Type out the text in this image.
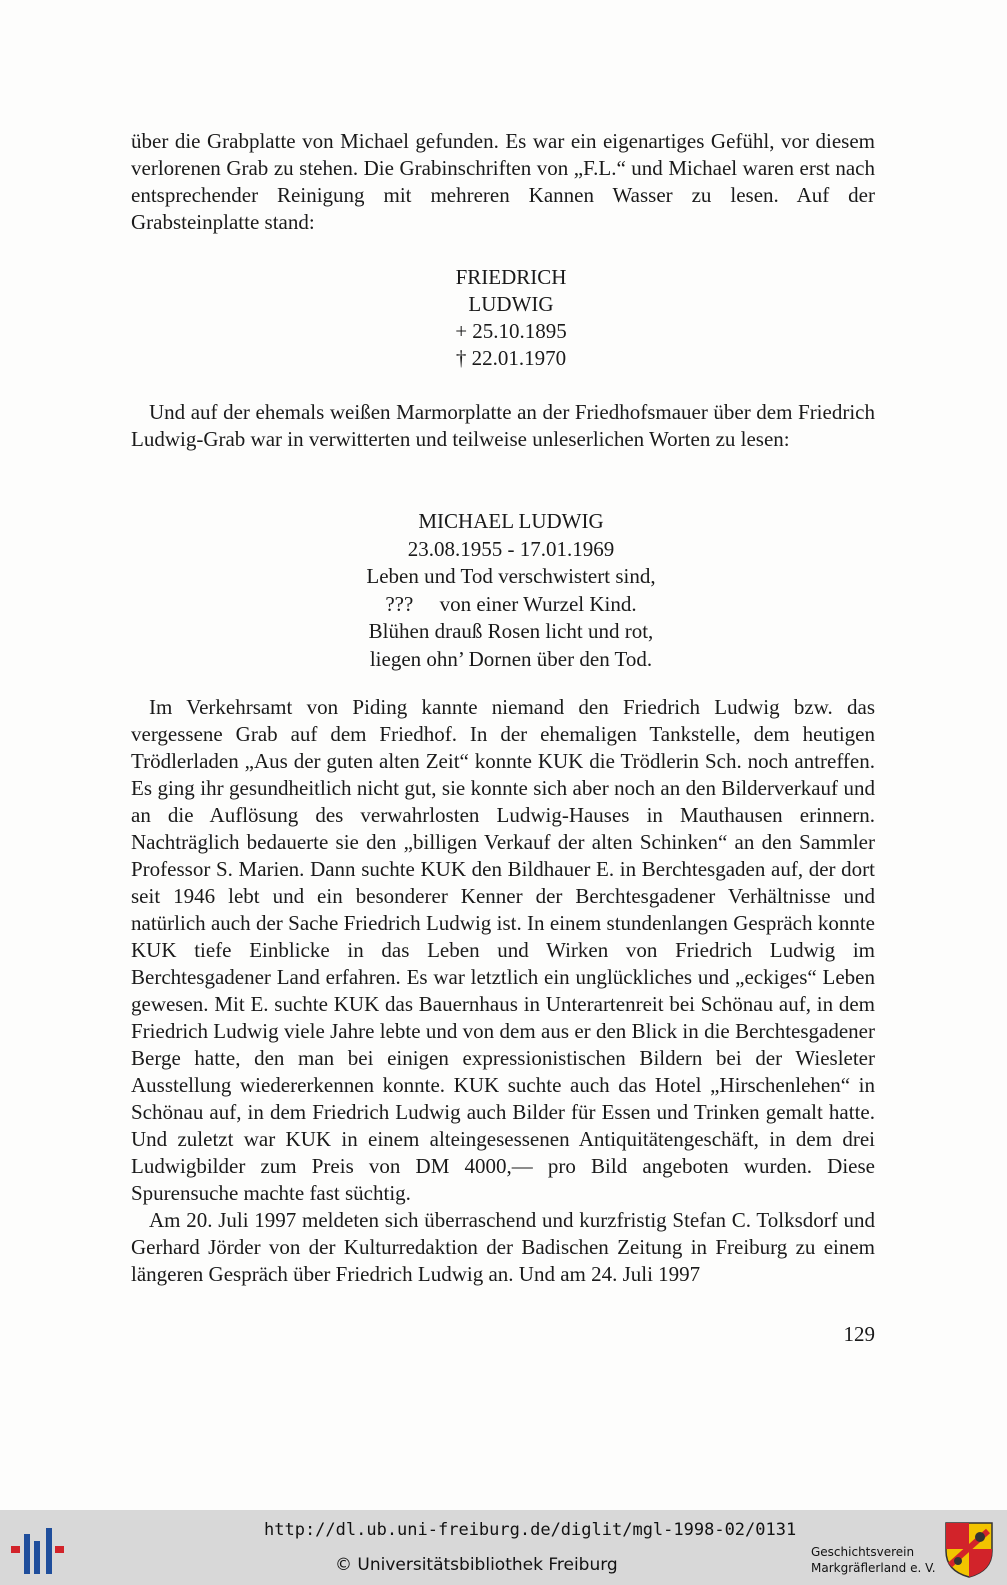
über die Grabplatte von Michael gefunden. Es war ein eigenartiges Gefühl, vor diesem verlorenen Grab zu stehen. Die Grabinschriften von „F.L.“ und Michael waren erst nach entsprechender Reinigung mit mehreren Kannen Wasser zu lesen. Auf der Grabsteinplatte stand:

FRIEDRICH
LUDWIG
+ 25.10.1895
† 22.01.1970

Und auf der ehemals weißen Marmorplatte an der Friedhofsmauer über dem Friedrich Ludwig-Grab war in verwitterten und teilweise unleserlichen Worten zu lesen:

MICHAEL LUDWIG
23.08.1955 - 17.01.1969
Leben und Tod verschwistert sind,
???     von einer Wurzel Kind.
Blühen drauß Rosen licht und rot,
liegen ohn’ Dornen über den Tod.

Im Verkehrsamt von Piding kannte niemand den Friedrich Ludwig bzw. das vergessene Grab auf dem Friedhof. In der ehemaligen Tankstelle, dem heutigen Trödlerladen „Aus der guten alten Zeit“ konnte KUK die Trödlerin Sch. noch antreffen. Es ging ihr gesundheitlich nicht gut, sie konnte sich aber noch an den Bilderverkauf und an die Auflösung des verwahrlosten Ludwig-Hauses in Mauthausen erinnern. Nachträglich bedauerte sie den „billigen Verkauf der alten Schinken“ an den Sammler Professor S. Marien. Dann suchte KUK den Bildhauer E. in Berchtesgaden auf, der dort seit 1946 lebt und ein besonderer Kenner der Berchtesgadener Verhältnisse und natürlich auch der Sache Friedrich Ludwig ist. In einem stundenlangen Gespräch konnte KUK tiefe Einblicke in das Leben und Wirken von Friedrich Ludwig im Berchtesgadener Land erfahren. Es war letztlich ein unglückliches und „eckiges“ Leben gewesen. Mit E. suchte KUK das Bauernhaus in Unterartenreit bei Schönau auf, in dem Friedrich Ludwig viele Jahre lebte und von dem aus er den Blick in die Berchtesgadener Berge hatte, den man bei einigen expressionistischen Bildern bei der Wiesleter Ausstellung wiedererkennen konnte. KUK suchte auch das Hotel „Hirschenlehen“ in Schönau auf, in dem Friedrich Ludwig auch Bilder für Essen und Trinken gemalt hatte. Und zuletzt war KUK in einem alteingesessenen Antiquitätengeschäft, in dem drei Ludwigbilder zum Preis von DM 4000,— pro Bild angeboten wurden. Diese Spurensuche machte fast süchtig.

Am 20. Juli 1997 meldeten sich überraschend und kurzfristig Stefan C. Tolksdorf und Gerhard Jörder von der Kulturredaktion der Badischen Zeitung in Freiburg zu einem längeren Gespräch über Friedrich Ludwig an. Und am 24. Juli 1997

129
http://dl.ub.uni-freiburg.de/diglit/mgl-1998-02/0131
© Universitätsbibliothek Freiburg
Geschichtsverein
Markgräflerland e. V.
